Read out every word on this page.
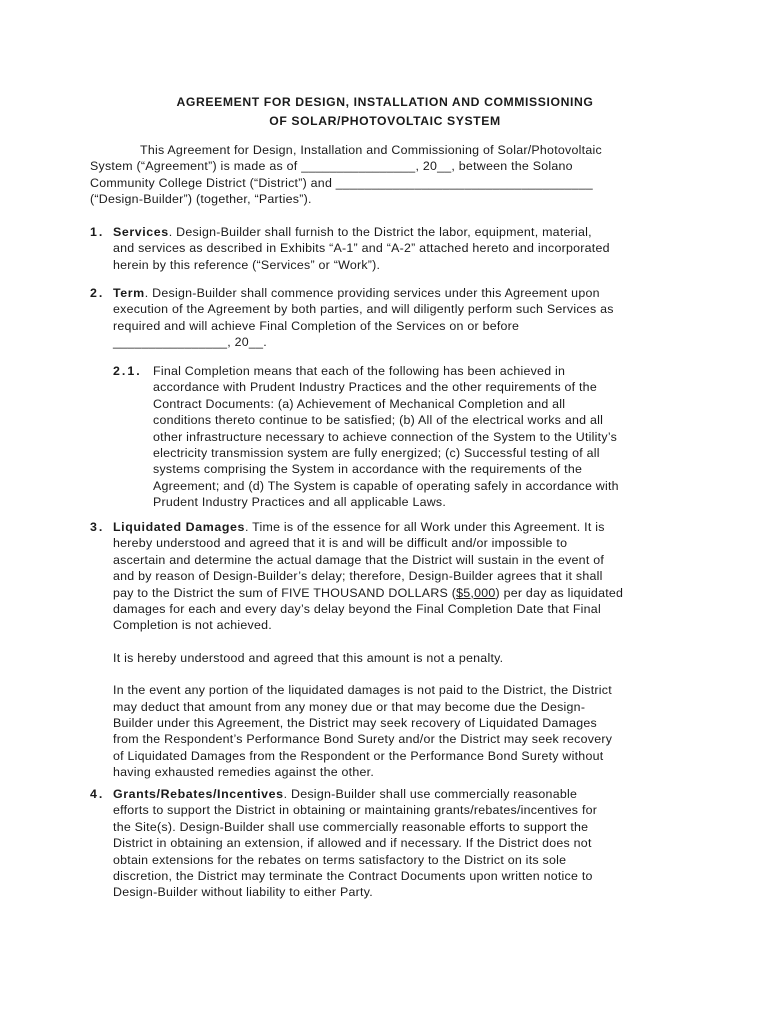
AGREEMENT FOR DESIGN, INSTALLATION AND COMMISSIONING
OF SOLAR/PHOTOVOLTAIC SYSTEM
This Agreement for Design, Installation and Commissioning of Solar/Photovoltaic
System (“Agreement”) is made as of ________________, 20__, between the Solano
Community College District (“District”) and ____________________________________
(“Design-Builder”) (together, “Parties”).
1. Services. Design-Builder shall furnish to the District the labor, equipment, material,
and services as described in Exhibits “A-1” and “A-2” attached hereto and incorporated
herein by this reference (“Services” or “Work”).
2. Term. Design-Builder shall commence providing services under this Agreement upon
execution of the Agreement by both parties, and will diligently perform such Services as
required and will achieve Final Completion of the Services on or before
________________, 20__.
2.1. Final Completion means that each of the following has been achieved in
accordance with Prudent Industry Practices and the other requirements of the
Contract Documents: (a) Achievement of Mechanical Completion and all
conditions thereto continue to be satisfied; (b) All of the electrical works and all
other infrastructure necessary to achieve connection of the System to the Utility’s
electricity transmission system are fully energized; (c) Successful testing of all
systems comprising the System in accordance with the requirements of the
Agreement; and (d) The System is capable of operating safely in accordance with
Prudent Industry Practices and all applicable Laws.
3. Liquidated Damages. Time is of the essence for all Work under this Agreement. It is
hereby understood and agreed that it is and will be difficult and/or impossible to
ascertain and determine the actual damage that the District will sustain in the event of
and by reason of Design-Builder’s delay; therefore, Design-Builder agrees that it shall
pay to the District the sum of FIVE THOUSAND DOLLARS ($5,000) per day as liquidated
damages for each and every day’s delay beyond the Final Completion Date that Final
Completion is not achieved.
It is hereby understood and agreed that this amount is not a penalty.
In the event any portion of the liquidated damages is not paid to the District, the District
may deduct that amount from any money due or that may become due the Design-
Builder under this Agreement, the District may seek recovery of Liquidated Damages
from the Respondent’s Performance Bond Surety and/or the District may seek recovery
of Liquidated Damages from the Respondent or the Performance Bond Surety without
having exhausted remedies against the other.
4. Grants/Rebates/Incentives. Design-Builder shall use commercially reasonable
efforts to support the District in obtaining or maintaining grants/rebates/incentives for
the Site(s). Design-Builder shall use commercially reasonable efforts to support the
District in obtaining an extension, if allowed and if necessary. If the District does not
obtain extensions for the rebates on terms satisfactory to the District on its sole
discretion, the District may terminate the Contract Documents upon written notice to
Design-Builder without liability to either Party.
